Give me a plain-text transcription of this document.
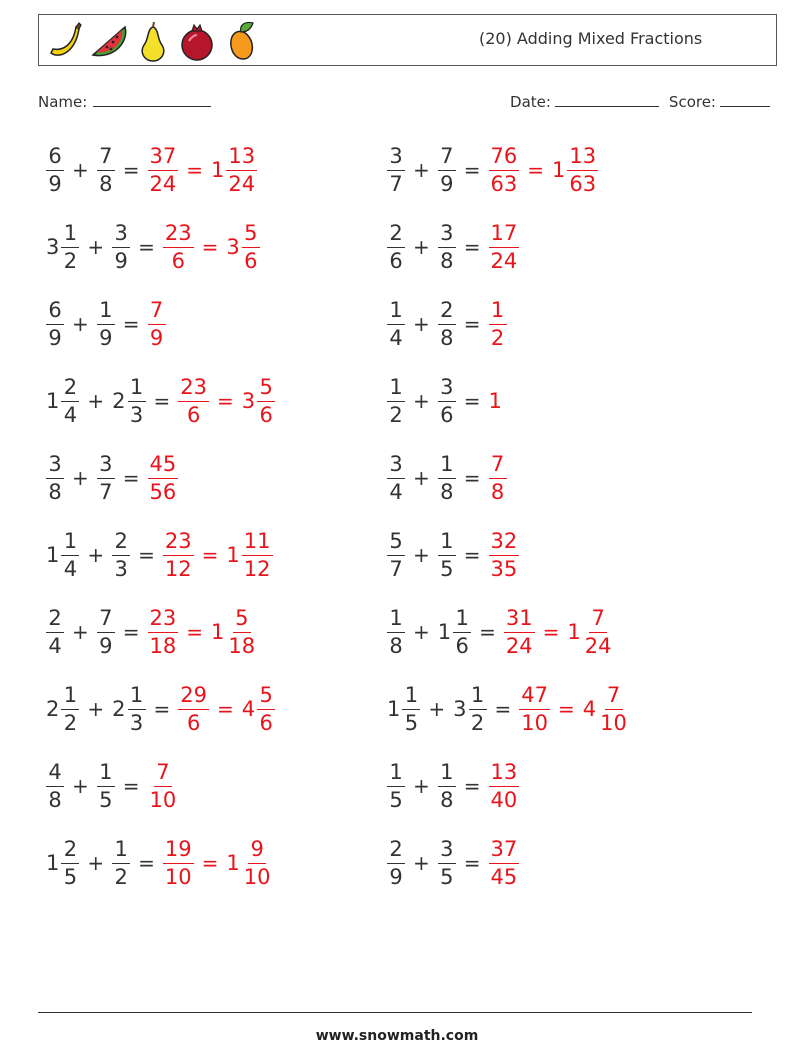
(20) Adding Mixed Fractions
Name:	Date:	Score:
$\frac{6}{9} + \frac{7}{8} = \frac{37}{24} = 1 \frac{13}{24}$	$\frac{3}{7} + \frac{7}{9} = \frac{76}{63} = 1 \frac{13}{63}$
$3 \frac{1}{2} + \frac{3}{9} = \frac{23}{6} = 3 \frac{5}{6}$	$\frac{2}{6} + \frac{3}{8} = \frac{17}{24}$
$\frac{6}{9} + \frac{1}{9} = \frac{7}{9}$	$\frac{1}{4} + \frac{2}{8} = \frac{1}{2}$
$1 \frac{2}{4} + 2 \frac{1}{3} = \frac{23}{6} = 3 \frac{5}{6}$	$\frac{1}{2} + \frac{3}{6} = 1$
$\frac{3}{8} + \frac{3}{7} = \frac{45}{56}$	$\frac{3}{4} + \frac{1}{8} = \frac{7}{8}$
$1 \frac{1}{4} + \frac{2}{3} = \frac{23}{12} = 1 \frac{11}{12}$	$\frac{5}{7} + \frac{1}{5} = \frac{32}{35}$
$\frac{2}{4} + \frac{7}{9} = \frac{23}{18} = 1 \frac{5}{18}$	$\frac{1}{8} + 1 \frac{1}{6} = \frac{31}{24} = 1 \frac{7}{24}$
$2 \frac{1}{2} + 2 \frac{1}{3} = \frac{29}{6} = 4 \frac{5}{6}$	$1 \frac{1}{5} + 3 \frac{1}{2} = \frac{47}{10} = 4 \frac{7}{10}$
$\frac{4}{8} + \frac{1}{5} = \frac{7}{10}$	$\frac{1}{5} + \frac{1}{8} = \frac{13}{40}$
$1 \frac{2}{5} + \frac{1}{2} = \frac{19}{10} = 1 \frac{9}{10}$	$\frac{2}{9} + \frac{3}{5} = \frac{37}{45}$
www.snowmath.com
